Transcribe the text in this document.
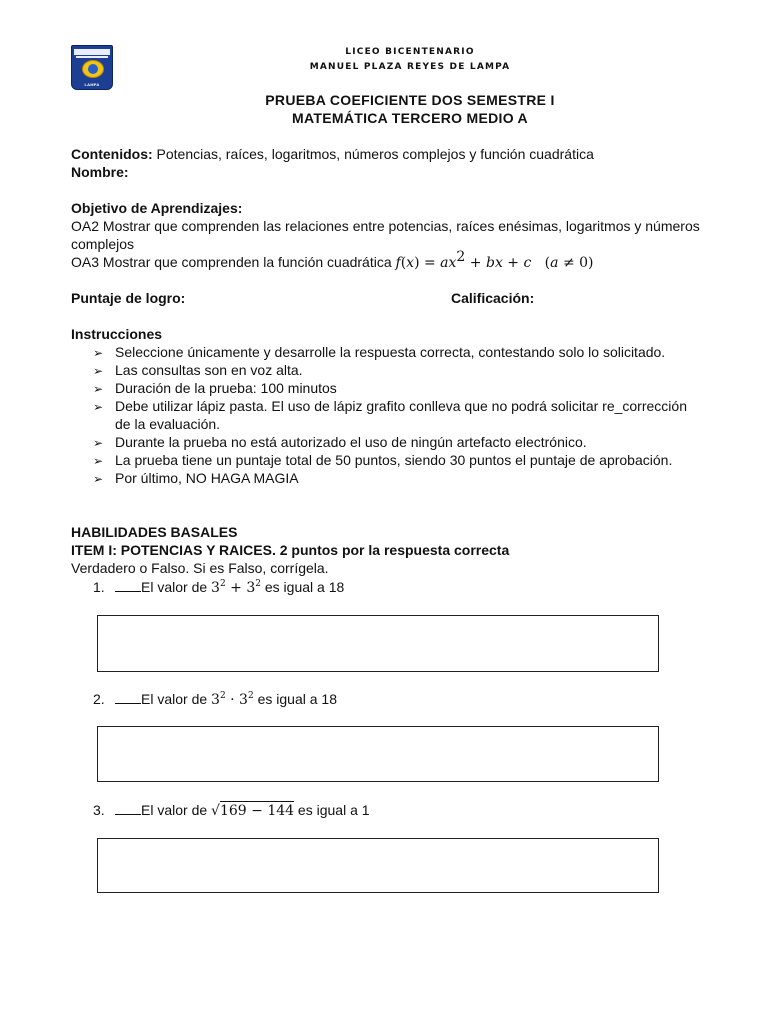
LAMPA
LICEO BICENTENARIO
MANUEL PLAZA REYES DE LAMPA
PRUEBA COEFICIENTE DOS SEMESTRE I
MATEMÁTICA TERCERO MEDIO A
Contenidos: Potencias, raíces, logaritmos, números complejos y función cuadrática
Nombre:
Objetivo de Aprendizajes:
OA2 Mostrar que comprenden las relaciones entre potencias, raíces enésimas, logaritmos y números
complejos
OA3 Mostrar que comprenden la función cuadrática $f(x) = ax^2$ + bx + c   (a ≠ 0)
Puntaje de logro:	Calificación:
Instrucciones
➢ Seleccione únicamente y desarrolle la respuesta correcta, contestando solo lo solicitado.
➢ Las consultas son en voz alta.
➢ Duración de la prueba: 100 minutos
➢ Debe utilizar lápiz pasta. El uso de lápiz grafito conlleva que no podrá solicitar re_corrección
de la evaluación.
➢ Durante la prueba no está autorizado el uso de ningún artefacto electrónico.
➢ La prueba tiene un puntaje total de 50 puntos, siendo 30 puntos el puntaje de aprobación.
➢ Por último, NO HAGA MAGIA
HABILIDADES BASALES
ITEM I: POTENCIAS Y RAICES. 2 puntos por la respuesta correcta
Verdadero o Falso. Si es Falso, corrígela.
1.	El valor de $3^2 + 3^2$ es igual a 18
2.	El valor de $3^2 \cdot 3^2$ es igual a 18
3.	El valor de √169 − 144 es igual a 1
